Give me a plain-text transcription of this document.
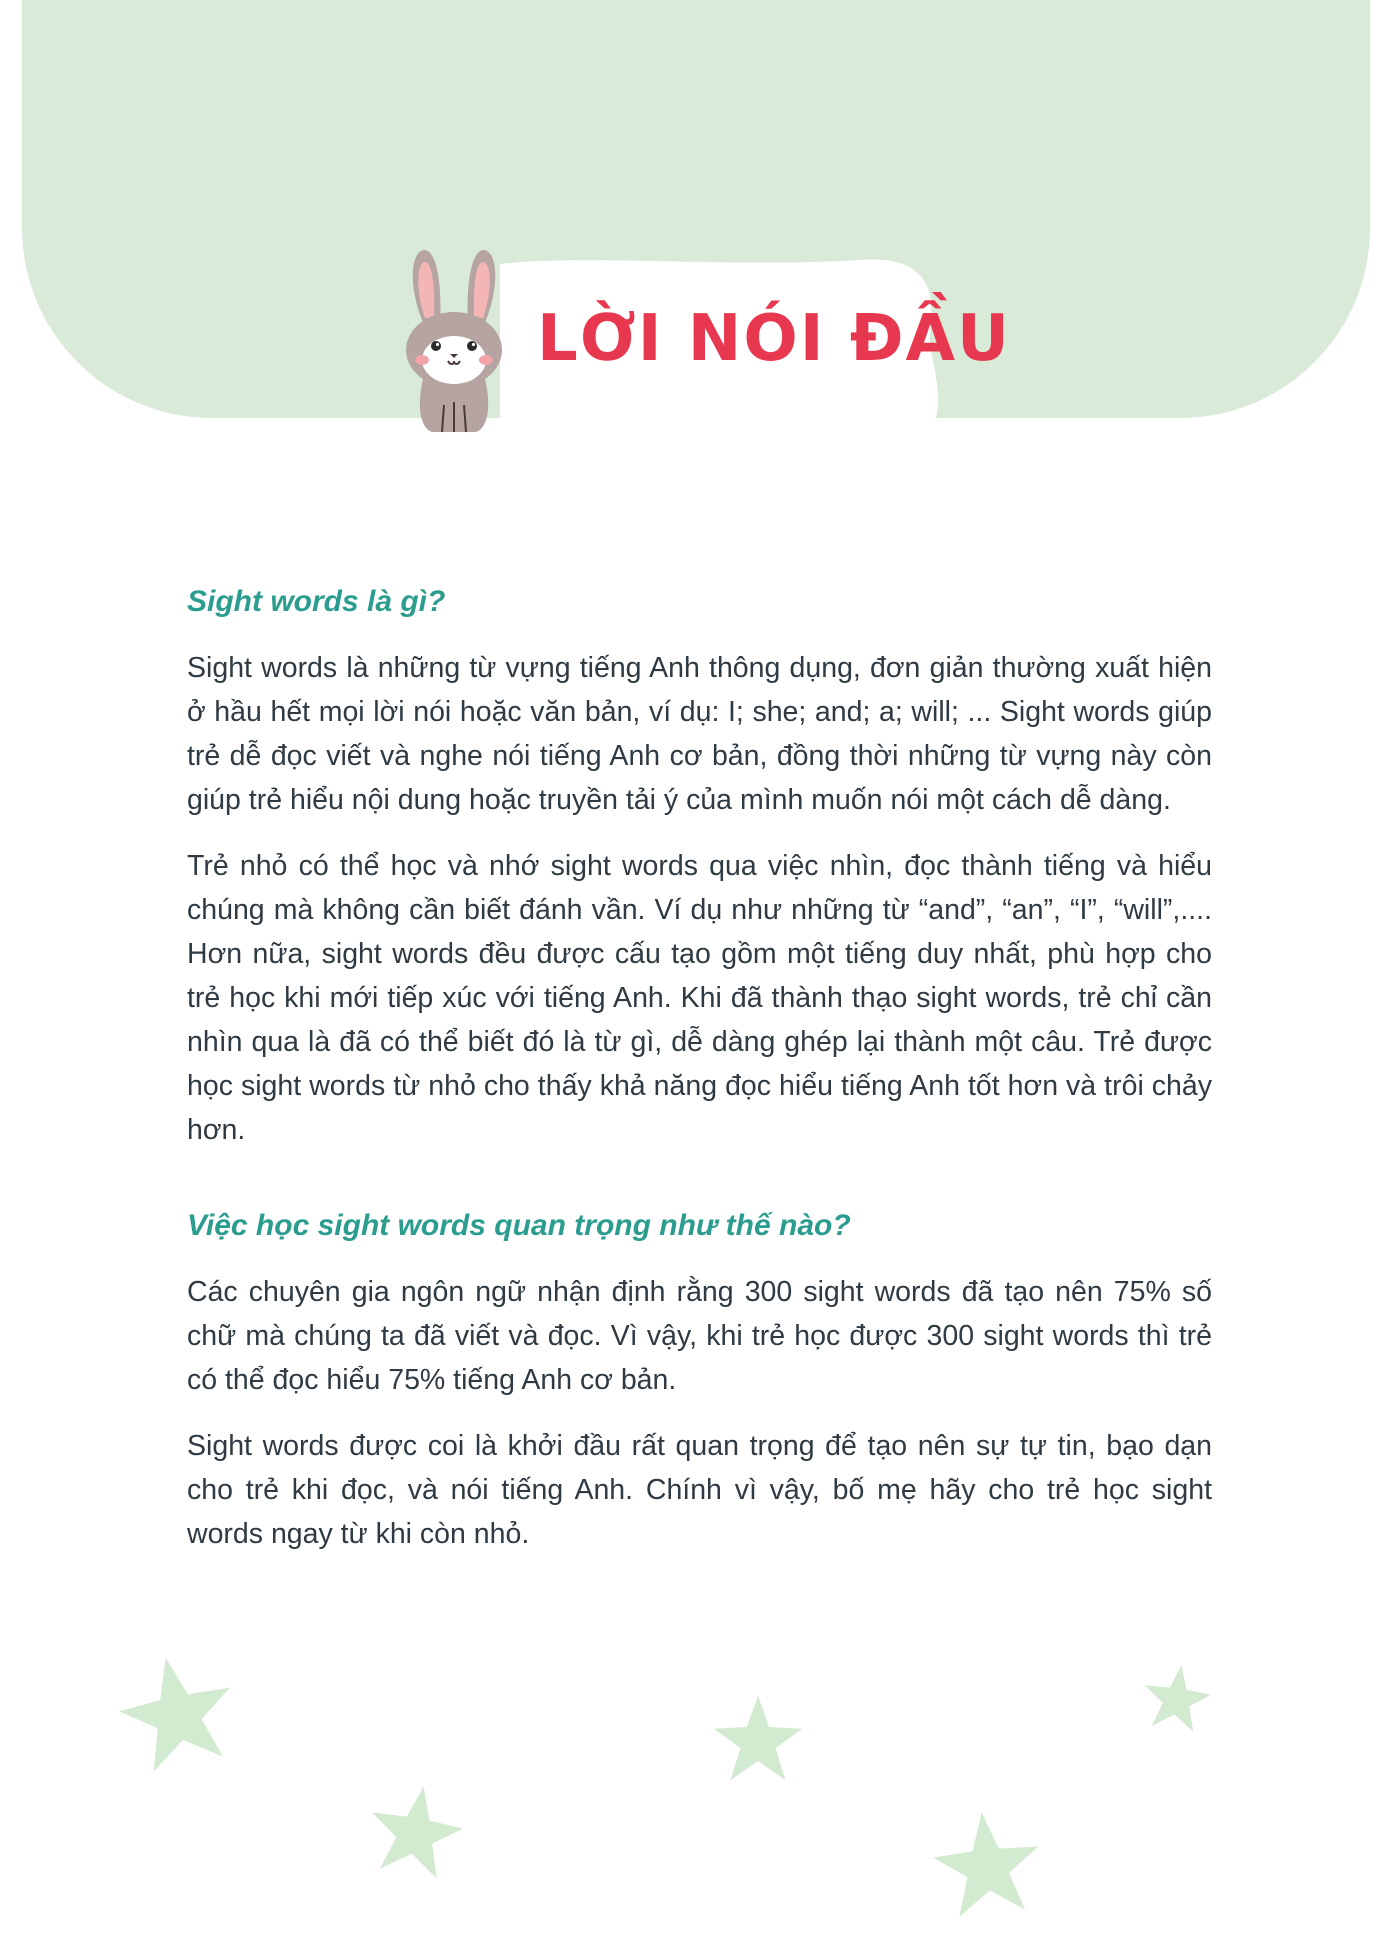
LỜI NÓI ĐẦU
Sight words là gì?

Sight words là những từ vựng tiếng Anh thông dụng, đơn giản thường xuất hiện ở hầu hết mọi lời nói hoặc văn bản, ví dụ: I; she; and; a; will; ... Sight words giúp trẻ dễ đọc viết và nghe nói tiếng Anh cơ bản, đồng thời những từ vựng này còn giúp trẻ hiểu nội dung hoặc truyền tải ý của mình muốn nói một cách dễ dàng.

Trẻ nhỏ có thể học và nhớ sight words qua việc nhìn, đọc thành tiếng và hiểu chúng mà không cần biết đánh vần. Ví dụ như những từ “and”, “an”, “I”, “will”,.... Hơn nữa, sight words đều được cấu tạo gồm một tiếng duy nhất, phù hợp cho trẻ học khi mới tiếp xúc với tiếng Anh. Khi đã thành thạo sight words, trẻ chỉ cần nhìn qua là đã có thể biết đó là từ gì, dễ dàng ghép lại thành một câu. Trẻ được học sight words từ nhỏ cho thấy khả năng đọc hiểu tiếng Anh tốt hơn và trôi chảy hơn.

Việc học sight words quan trọng như thế nào?

Các chuyên gia ngôn ngữ nhận định rằng 300 sight words đã tạo nên 75% số chữ mà chúng ta đã viết và đọc. Vì vậy, khi trẻ học được 300 sight words thì trẻ có thể đọc hiểu 75% tiếng Anh cơ bản.

Sight words được coi là khởi đầu rất quan trọng để tạo nên sự tự tin, bạo dạn cho trẻ khi đọc, và nói tiếng Anh. Chính vì vậy, bố mẹ hãy cho trẻ học sight words ngay từ khi còn nhỏ.
